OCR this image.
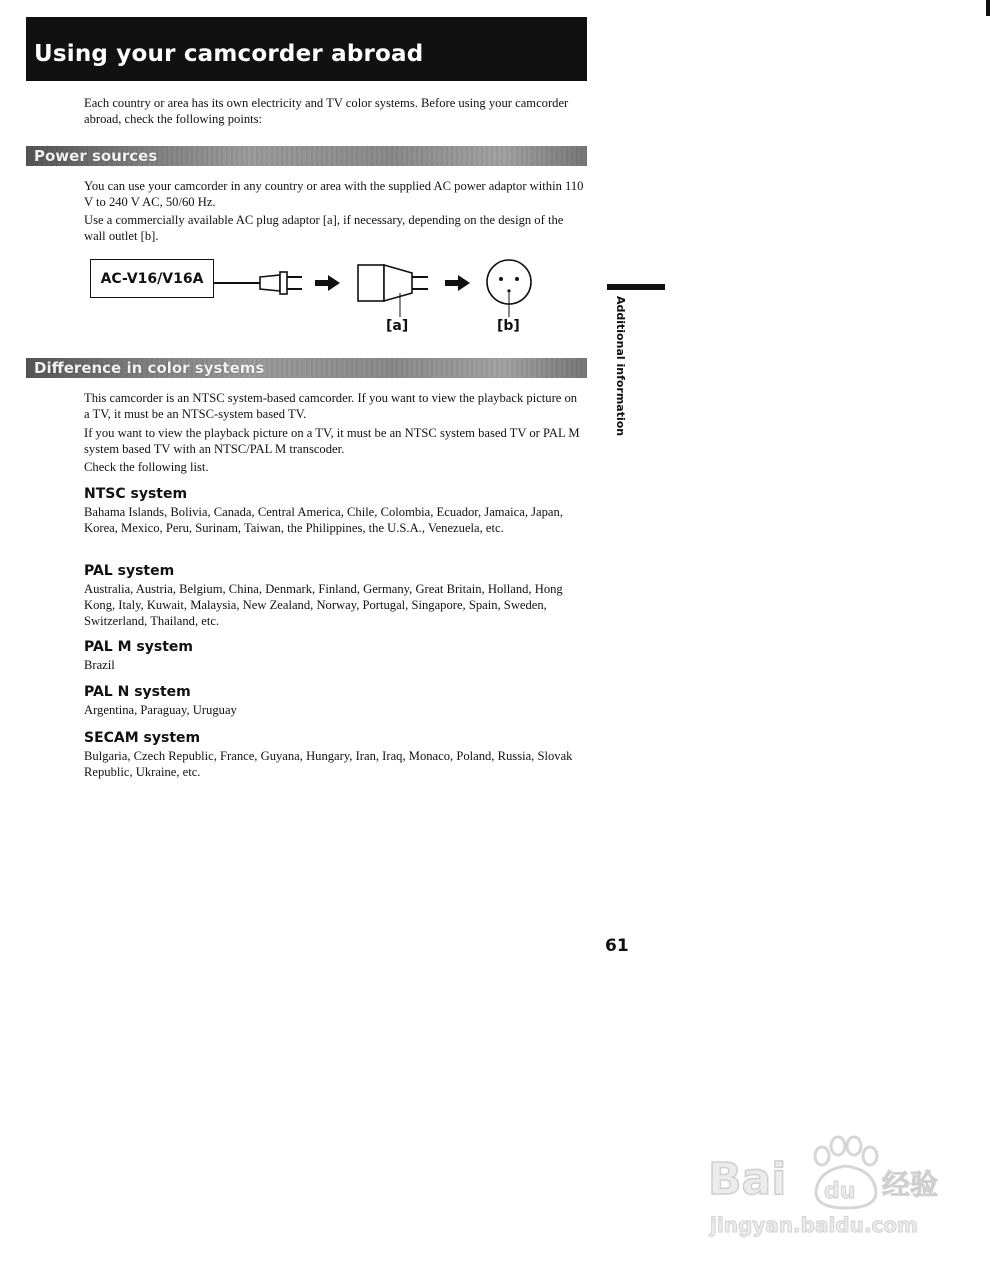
Using your camcorder abroad

Each country or area has its own electricity and TV color systems. Before using your camcorder abroad, check the following points:

Power sources

You can use your camcorder in any country or area with the supplied AC power adaptor within 110 V to 240 V AC, 50/60 Hz.

Use a commercially available AC plug adaptor [a], if necessary, depending on the design of the wall outlet [b].

AC-V16/V16A
[a]	[b]
Difference in color systems

This camcorder is an NTSC system-based camcorder. If you want to view the playback picture on a TV, it must be an NTSC-system based TV.

If you want to view the playback picture on a TV, it must be an NTSC system based TV or PAL M system based TV with an NTSC/PAL M transcoder.

Check the following list.

NTSC system

Bahama Islands, Bolivia, Canada, Central America, Chile, Colombia, Ecuador, Jamaica, Japan, Korea, Mexico, Peru, Surinam, Taiwan, the Philippines, the U.S.A., Venezuela, etc.

PAL system

Australia, Austria, Belgium, China, Denmark, Finland, Germany, Great Britain, Holland, Hong Kong, Italy, Kuwait, Malaysia, New Zealand, Norway, Portugal, Singapore, Spain, Sweden, Switzerland, Thailand, etc.

PAL M system

Brazil

PAL N system

Argentina, Paraguay, Uruguay

SECAM system

Bulgaria, Czech Republic, France, Guyana, Hungary, Iran, Iraq, Monaco, Poland, Russia, Slovak Republic, Ukraine, etc.

Additional information
61
Bai du 经验
jingyan.baidu.com
